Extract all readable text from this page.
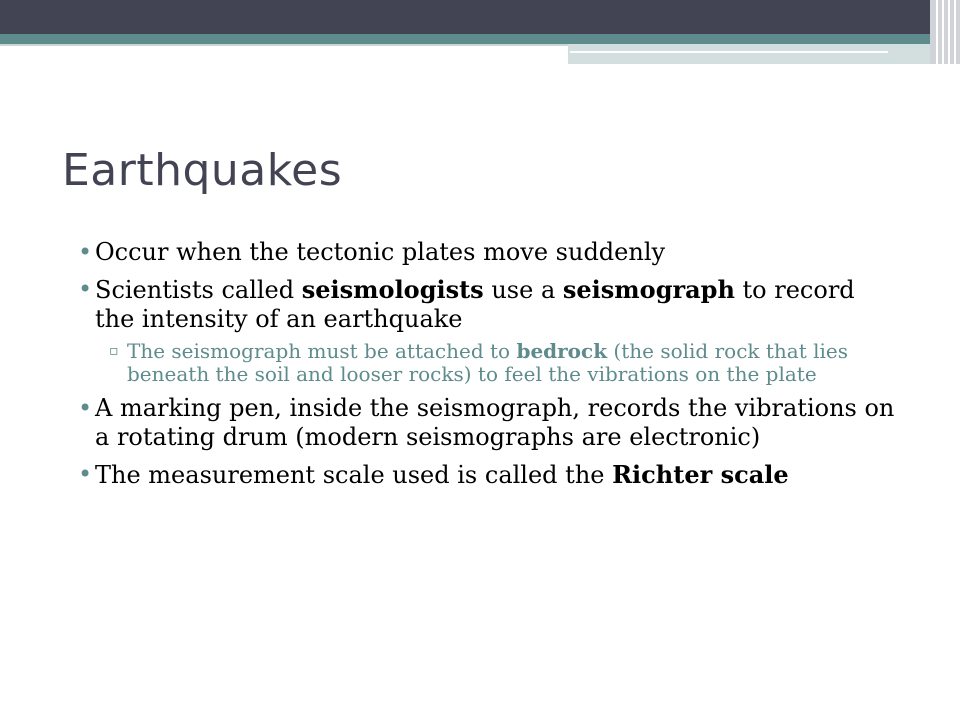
Earthquakes
• Occur when the tectonic plates move suddenly
• Scientists called seismologists use a seismograph to record the intensity of an earthquake
▫ The seismograph must be attached to bedrock (the solid rock that lies beneath the soil and looser rocks) to feel the vibrations on the plate
• A marking pen, inside the seismograph, records the vibrations on a rotating drum (modern seismographs are electronic)
• The measurement scale used is called the Richter scale
